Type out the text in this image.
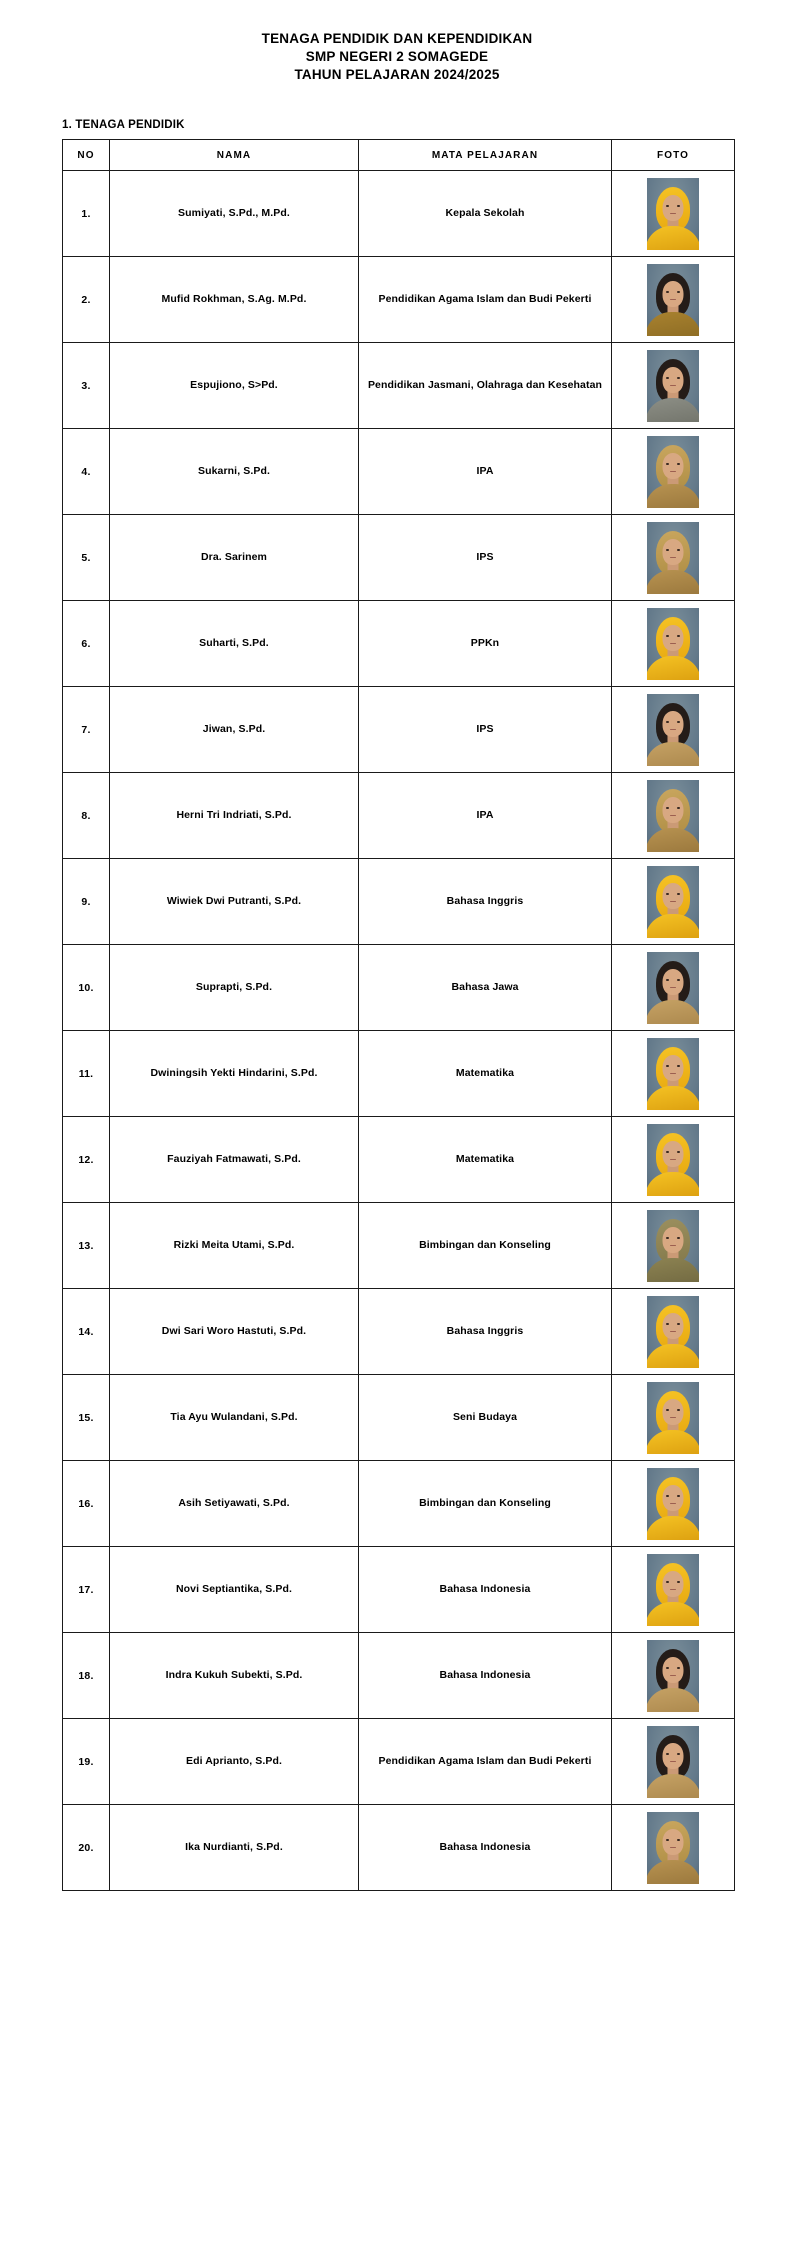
TENAGA PENDIDIK DAN KEPENDIDIKAN
SMP NEGERI 2 SOMAGEDE
TAHUN PELAJARAN 2024/2025
1. TENAGA PENDIDIK
NO	NAMA	MATA PELAJARAN	FOTO
1.	Sumiyati, S.Pd., M.Pd.	Kepala Sekolah	

2.	Mufid Rokhman, S.Ag. M.Pd.	Pendidikan Agama Islam dan Budi Pekerti	

3.	Espujiono, S>Pd.	Pendidikan Jasmani, Olahraga dan Kesehatan	

4.	Sukarni, S.Pd.	IPA	

5.	Dra. Sarinem	IPS	

6.	Suharti, S.Pd.	PPKn	

7.	Jiwan, S.Pd.	IPS	

8.	Herni Tri Indriati, S.Pd.	IPA	

9.	Wiwiek Dwi Putranti, S.Pd.	Bahasa Inggris	

10.	Suprapti, S.Pd.	Bahasa Jawa	

11.	Dwiningsih Yekti Hindarini, S.Pd.	Matematika	

12.	Fauziyah Fatmawati, S.Pd.	Matematika	

13.	Rizki Meita Utami, S.Pd.	Bimbingan dan Konseling	

14.	Dwi Sari Woro Hastuti, S.Pd.	Bahasa Inggris	

15.	Tia Ayu Wulandani, S.Pd.	Seni Budaya	

16.	Asih Setiyawati, S.Pd.	Bimbingan dan Konseling	

17.	Novi Septiantika, S.Pd.	Bahasa Indonesia	

18.	Indra Kukuh Subekti, S.Pd.	Bahasa Indonesia	

19.	Edi Aprianto, S.Pd.	Pendidikan Agama Islam dan Budi Pekerti	

20.	Ika Nurdianti, S.Pd.	Bahasa Indonesia	
